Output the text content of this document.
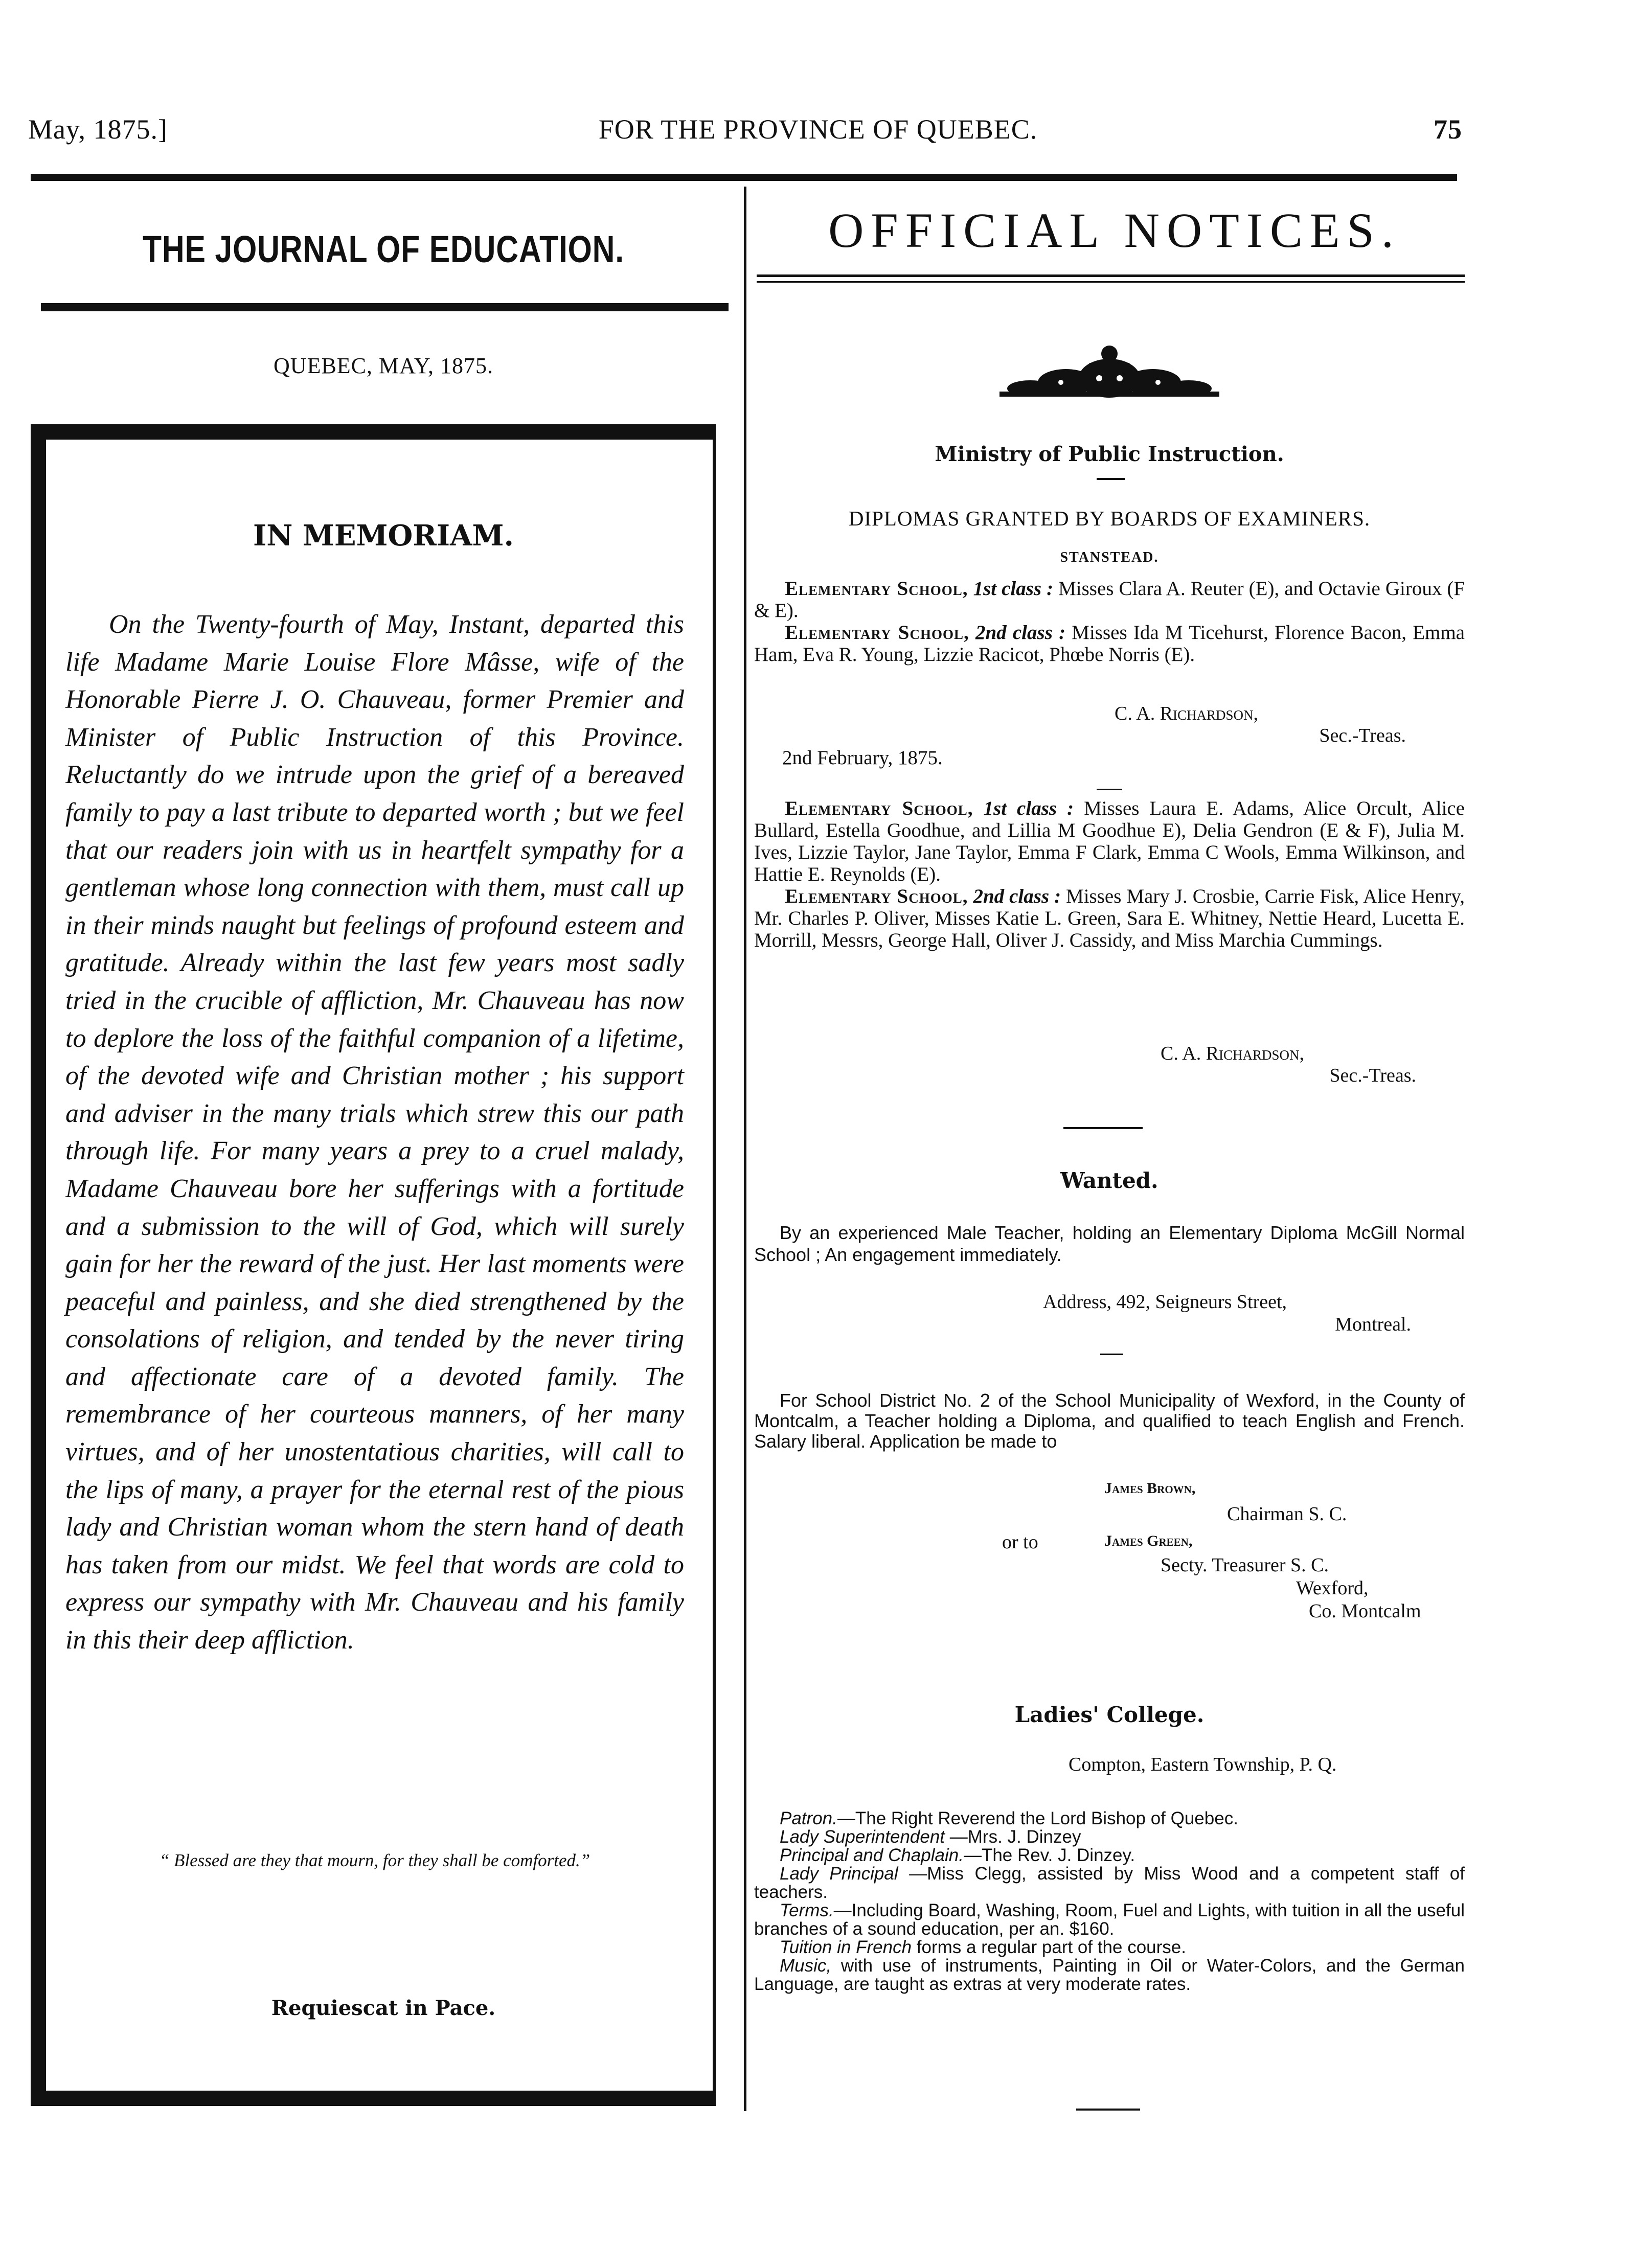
May, 1875.]	FOR THE PROVINCE OF QUEBEC.	75
THE JOURNAL OF EDUCATION.
QUEBEC, MAY, 1875.
IN MEMORIAM.
On the Twenty-fourth of May, Instant, departed this life Madame Marie Louise Flore Mâsse, wife of the Honorable Pierre J. O. Chauveau, former Premier and Minister of Public Instruction of this Province. Reluctantly do we intrude upon the grief of a bereaved family to pay a last tribute to departed worth ; but we feel that our readers join with us in heartfelt sympathy for a gentleman whose long connection with them, must call up in their minds naught but feelings of profound esteem and gratitude. Already within the last few years most sadly tried in the crucible of affliction, Mr. Chauveau has now to deplore the loss of the faithful companion of a lifetime, of the devoted wife and Christian mother ; his support and adviser in the many trials which strew this our path through life. For many years a prey to a cruel malady, Madame Chauveau bore her sufferings with a fortitude and a submission to the will of God, which will surely gain for her the reward of the just. Her last moments were peaceful and painless, and she died strengthened by the consolations of religion, and tended by the never tiring and affectionate care of a devoted family. The remembrance of her courteous manners, of her many virtues, and of her unostentatious charities, will call to the lips of many, a prayer for the eternal rest of the pious lady and Christian woman whom the stern hand of death has taken from our midst. We feel that words are cold to express our sympathy with Mr. Chauveau and his family in this their deep affliction.
“ Blessed are they that mourn, for they shall be comforted.”
Requiescat in Pace.
OFFICIAL NOTICES.
Ministry of Public Instruction.
DIPLOMAS GRANTED BY BOARDS OF EXAMINERS.
STANSTEAD.
Elementary School, 1st class : Misses Clara A. Reuter (E), and Octavie Giroux (F & E).
Elementary School, 2nd class : Misses Ida M Ticehurst, Florence Bacon, Emma Ham, Eva R. Young, Lizzie Racicot, Phœbe Norris (E).
C. A. Richardson,
Sec.-Treas.
2nd February, 1875.
Elementary School, 1st class : Misses Laura E. Adams, Alice Orcult, Alice Bullard, Estella Goodhue, and Lillia M Goodhue E), Delia Gendron (E & F), Julia M. Ives, Lizzie Taylor, Jane Taylor, Emma F Clark, Emma C Wools, Emma Wilkinson, and Hattie E. Reynolds (E).
Elementary School, 2nd class : Misses Mary J. Crosbie, Carrie Fisk, Alice Henry, Mr. Charles P. Oliver, Misses Katie L. Green, Sara E. Whitney, Nettie Heard, Lucetta E. Morrill, Messrs, George Hall, Oliver J. Cassidy, and Miss Marchia Cummings.
C. A. Richardson,
Sec.-Treas.
Wanted.
By an experienced Male Teacher, holding an Elementary Diploma McGill Normal School ; An engagement immediately.
Address, 492, Seigneurs Street,
Montreal.
For School District No. 2 of the School Municipality of Wexford, in the County of Montcalm, a Teacher holding a Diploma, and qualified to teach English and French. Salary liberal. Application be made to
James Brown,
Chairman S. C.
or to	James Green,
Secty. Treasurer S. C.
Wexford,
Co. Montcalm
Ladies' College.
Compton, Eastern Township, P. Q.
Patron.—The Right Reverend the Lord Bishop of Quebec.
Lady Superintendent —Mrs. J. Dinzey
Principal and Chaplain.—The Rev. J. Dinzey.
Lady Principal —Miss Clegg, assisted by Miss Wood and a competent staff of teachers.
Terms.—Including Board, Washing, Room, Fuel and Lights, with tuition in all the useful branches of a sound education, per an. $160.
Tuition in French forms a regular part of the course.
Music, with use of instruments, Painting in Oil or Water-Colors, and the German Language, are taught as extras at very moderate rates.
